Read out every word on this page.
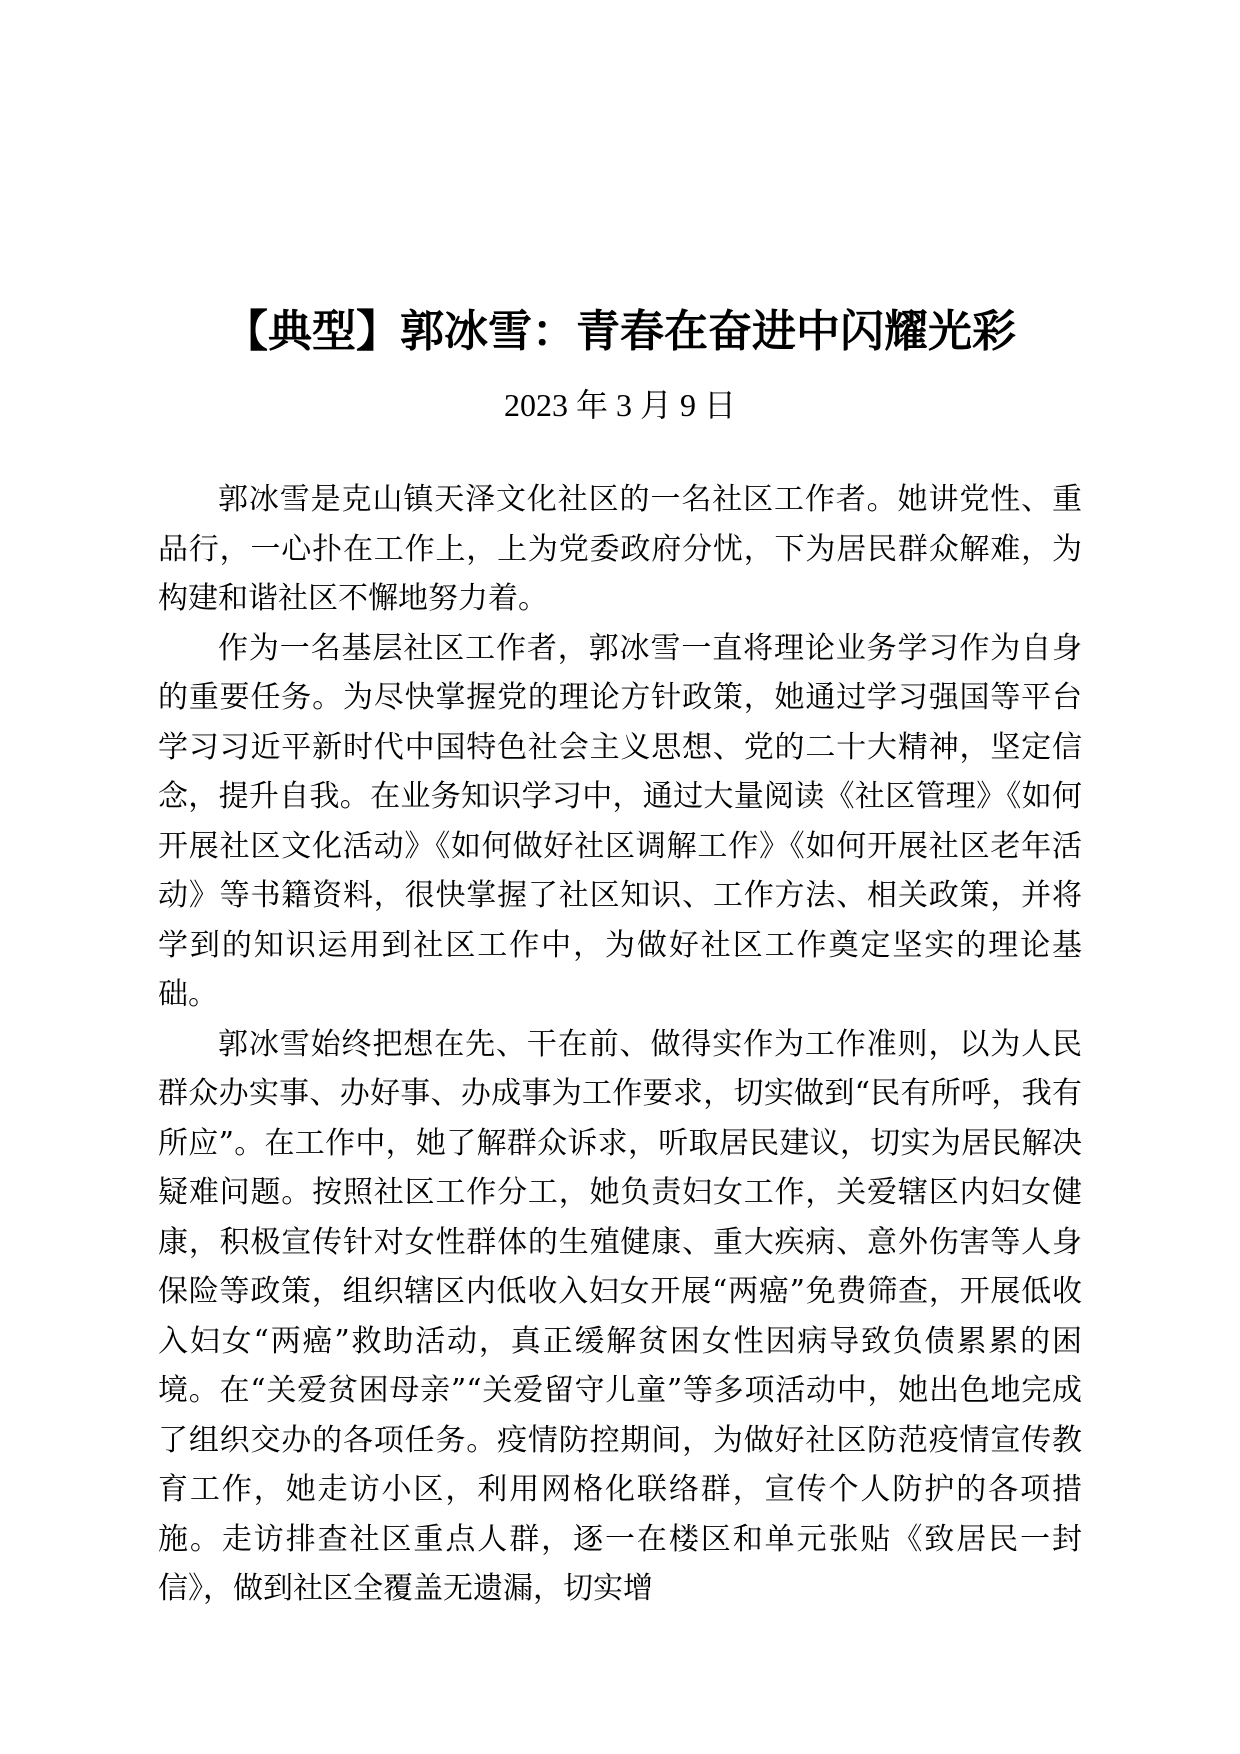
【典型】郭冰雪：青春在奋进中闪耀光彩
2023 年 3 月 9 日

郭冰雪是克山镇天泽文化社区的一名社区工作者。她讲党性、重品行，一心扑在工作上，上为党委政府分忧，下为居民群众解难，为构建和谐社区不懈地努力着。

作为一名基层社区工作者，郭冰雪一直将理论业务学习作为自身的重要任务。为尽快掌握党的理论方针政策，她通过学习强国等平台学习习近平新时代中国特色社会主义思想、党的二十大精神，坚定信念，提升自我。在业务知识学习中，通过大量阅读《社区管理》《如何开展社区文化活动》《如何做好社区调解工作》《如何开展社区老年活动》等书籍资料，很快掌握了社区知识、工作方法、相关政策，并将学到的知识运用到社区工作中，为做好社区工作奠定坚实的理论基础。

郭冰雪始终把想在先、干在前、做得实作为工作准则，以为人民群众办实事、办好事、办成事为工作要求，切实做到“民有所呼，我有所应”。在工作中，她了解群众诉求，听取居民建议，切实为居民解决疑难问题。按照社区工作分工，她负责妇女工作，关爱辖区内妇女健康，积极宣传针对女性群体的生殖健康、重大疾病、意外伤害等人身保险等政策，组织辖区内低收入妇女开展“两癌”免费筛查，开展低收入妇女“两癌”救助活动，真正缓解贫困女性因病导致负债累累的困境。在“关爱贫困母亲”“关爱留守儿童”等多项活动中，她出色地完成了组织交办的各项任务。疫情防控期间，为做好社区防范疫情宣传教育工作，她走访小区，利用网格化联络群，宣传个人防护的各项措施。走访排查社区重点人群，逐一在楼区和单元张贴《致居民一封信》，做到社区全覆盖无遗漏，切实增
